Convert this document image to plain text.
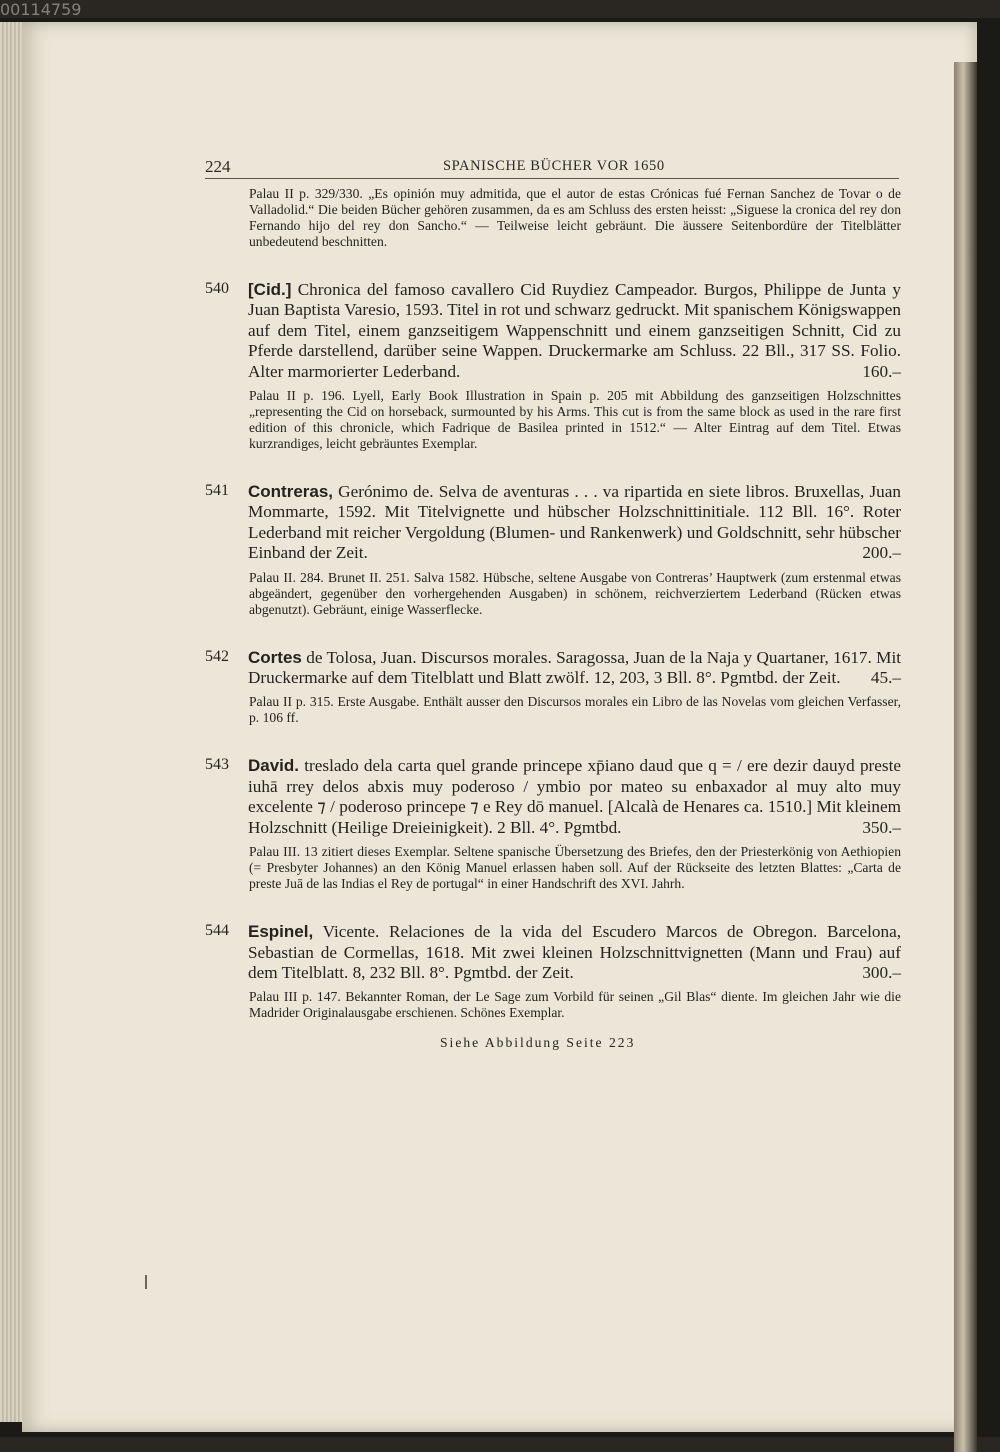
00114759
224	SPANISCHE BÜCHER VOR 1650

Palau II p. 329/330. „Es opinión muy admitida, que el autor de estas Crónicas fué Fernan Sanchez de Tovar o de Valladolid.“ Die beiden Bücher gehören zusammen, da es am Schluss des ersten heisst: „Siguese la cronica del rey don Fernando hijo del rey don Sancho.“ — Teilweise leicht gebräunt. Die äussere Seitenbordüre der Titelblätter unbedeutend beschnitten.

540 [Cid.] Chronica del famoso cavallero Cid Ruydiez Campeador. Burgos, Philippe de Junta y Juan Baptista Varesio, 1593. Titel in rot und schwarz gedruckt. Mit spanischem Königswappen auf dem Titel, einem ganzseitigem Wappenschnitt und einem ganzseitigen Schnitt, Cid zu Pferde darstellend, darüber seine Wappen. Druckermarke am Schluss. 22 Bll., 317 SS. Folio. Alter marmorierter Lederband.	160.–

Palau II p. 196. Lyell, Early Book Illustration in Spain p. 205 mit Abbildung des ganzseitigen Holzschnittes „representing the Cid on horseback, surmounted by his Arms. This cut is from the same block as used in the rare first edition of this chronicle, which Fadrique de Basilea printed in 1512.“ — Alter Eintrag auf dem Titel. Etwas kurzrandiges, leicht gebräuntes Exemplar.

541 Contreras, Gerónimo de. Selva de aventuras . . . va ripartida en siete libros. Bruxellas, Juan Mommarte, 1592. Mit Titelvignette und hübscher Holzschnittinitiale. 112 Bll. 16°. Roter Lederband mit reicher Vergoldung (Blumen- und Rankenwerk) und Goldschnitt, sehr hübscher Einband der Zeit.	200.–

Palau II. 284. Brunet II. 251. Salva 1582. Hübsche, seltene Ausgabe von Contreras’ Hauptwerk (zum erstenmal etwas abgeändert, gegenüber den vorhergehenden Ausgaben) in schönem, reichverziertem Lederband (Rücken etwas abgenutzt). Gebräunt, einige Wasserflecke.

542 Cortes de Tolosa, Juan. Discursos morales. Saragossa, Juan de la Naja y Quartaner, 1617. Mit Druckermarke auf dem Titelblatt und Blatt zwölf. 12, 203, 3 Bll. 8°. Pgmtbd. der Zeit. 45.–

Palau II p. 315. Erste Ausgabe. Enthält ausser den Discursos morales ein Libro de las Novelas vom gleichen Verfasser, p. 106 ff.

543 David. treslado dela carta quel grande princepe xp̄iano daud que q = / ere dezir dauyd preste iuhā rrey delos abxis muy poderoso / ymbio por mateo su enbaxador al muy alto muy excelente ⁊ / poderoso princepe ⁊ e Rey dō manuel. [Alcalà de Henares ca. 1510.] Mit kleinem Holzschnitt (Heilige Dreieinigkeit). 2 Bll. 4°. Pgmtbd.	350.–

Palau III. 13 zitiert dieses Exemplar. Seltene spanische Übersetzung des Briefes, den der Priesterkönig von Aethiopien (= Presbyter Johannes) an den König Manuel erlassen haben soll. Auf der Rückseite des letzten Blattes: „Carta de preste Juā de las Indias el Rey de portugal“ in einer Handschrift des XVI. Jahrh.

544 Espinel, Vicente. Relaciones de la vida del Escudero Marcos de Obregon. Barcelona, Sebastian de Cormellas, 1618. Mit zwei kleinen Holzschnittvignetten (Mann und Frau) auf dem Titelblatt. 8, 232 Bll. 8°. Pgmtbd. der Zeit.	300.–

Palau III p. 147. Bekannter Roman, der Le Sage zum Vorbild für seinen „Gil Blas“ diente. Im gleichen Jahr wie die Madrider Originalausgabe erschienen. Schönes Exemplar.

Siehe Abbildung Seite 223
